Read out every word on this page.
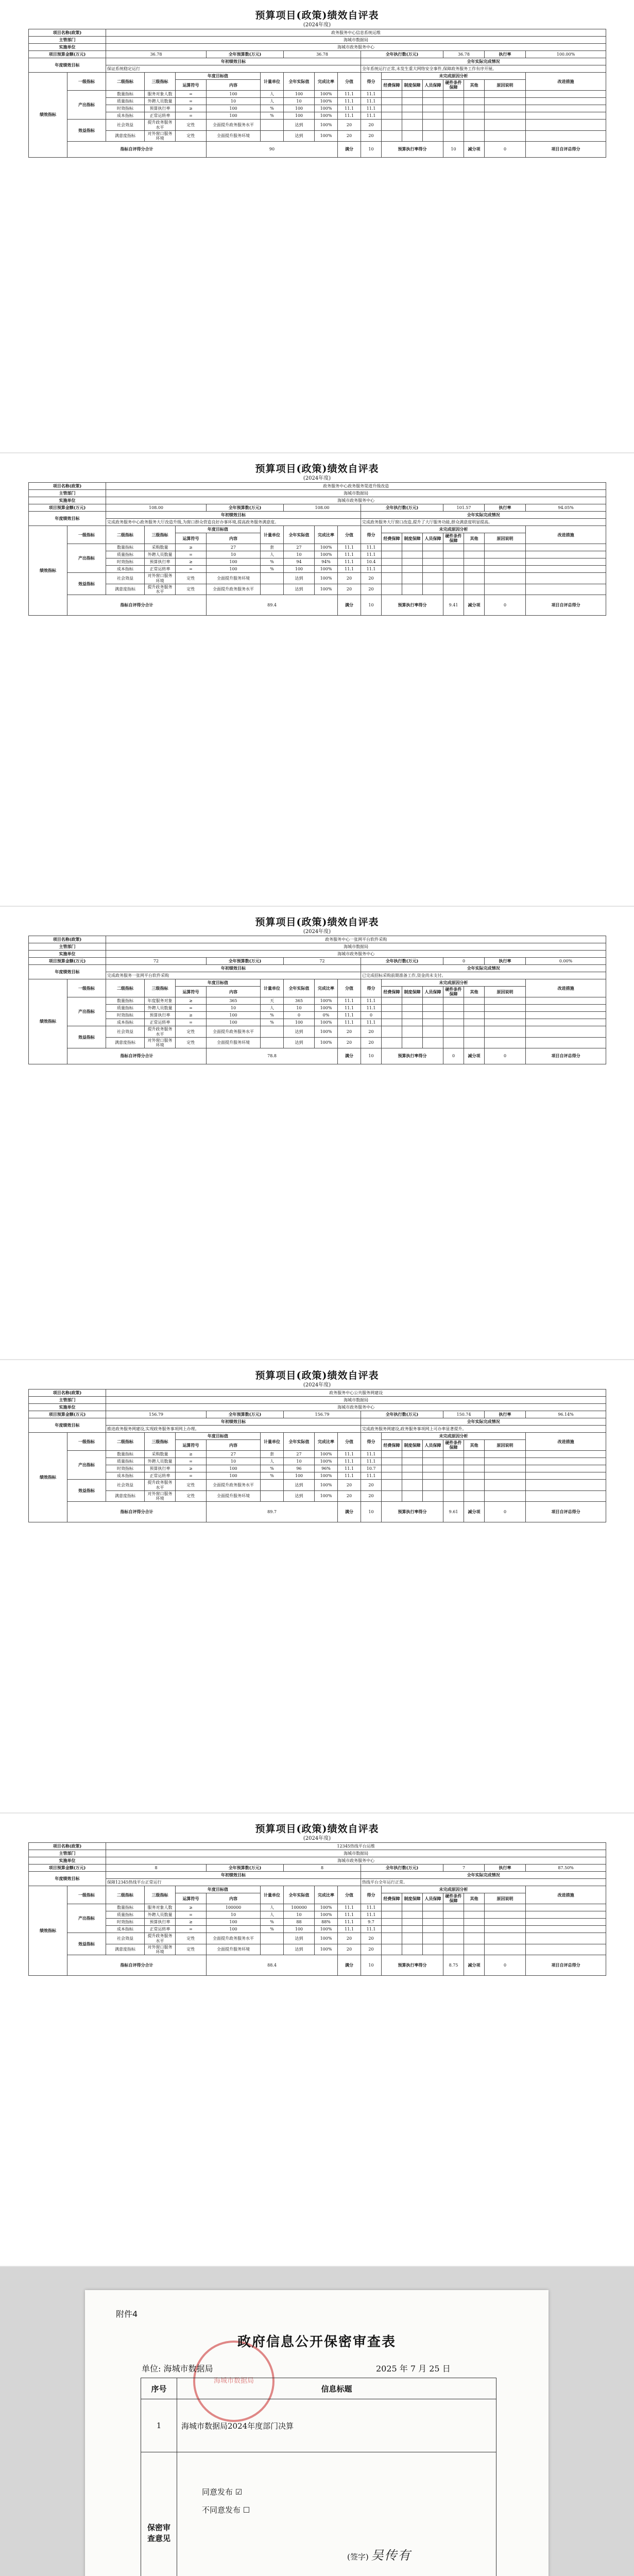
预算项目(政策)绩效自评表
(2024年度)
项目名称(政策)		政务服务中心信息系统运维																
主管部门		海城市数据局																
实施单位		海城市政务服务中心																
项目预算金额(万元)		36.78			全年预算数(万元)		36.78			全年执行数(万元)				36.78		执行率	100.00%	
年度绩效目标		年初绩效目标								全年实际完成情况								
		保证系统稳定运行								全年系统运行正常,未发生重大网络安全事件,保障政务服务工作有序开展。								
绩效指标	一级指标	二级指标	三级指标	年度目标值		计量单位	全年实际值	完成比率	分值	得分	未完成原因分析						改进措施	
				运算符号	内容						经费保障	制度保障	人员保障	硬件条件保障	其他	原因说明		
	产出指标	数量指标	服务对象人数	=	100	人	100	100%	11.1	11.1								
		质量指标	外聘人员数量	=	10	人	10	100%	11.1	11.1								
		时效指标	预算执行率	≥	100	%	100	100%	11.1	11.1								
		成本指标	正常运转率	=	100	%	100	100%	11.1	11.1								
	效益指标	社会效益	提升政务服务水平	定性	全面提升政务服务水平		达到	100%	20	20								
		满意度指标	对外窗口服务环境	定性	全面提升服务环境		达到	100%	20	20								
	指标自评得分合计				90				满分	10	预算执行率得分			10	减分项	0	项目自评总得分	
预算项目(政策)绩效自评表
(2024年度)
项目名称(政策)		政务服务中心政务服务渠道升级改造																
主管部门		海城市数据局																
实施单位		海城市政务服务中心																
项目预算金额(万元)		108.00			全年预算数(万元)		108.00			全年执行数(万元)				101.57		执行率	94.05%	
年度绩效目标		年初绩效目标								全年实际完成情况								
		完成政务服务中心政务服务大厅改造升级,为窗口群众营造良好办事环境,提高政务服务满意度。								完成政务服务大厅窗口改造,提升了大厅服务功能,群众满意度明显提高。								
绩效指标	一级指标	二级指标	三级指标	年度目标值		计量单位	全年实际值	完成比率	分值	得分	未完成原因分析						改进措施	
				运算符号	内容						经费保障	制度保障	人员保障	硬件条件保障	其他	原因说明		
	产出指标	数量指标	采购数量	≥	27	套	27	100%	11.1	11.1								
		质量指标	外聘人员数量	=	10	人	10	100%	11.1	11.1								
		时效指标	预算执行率	≥	100	%	94	94%	11.1	10.4								
		成本指标	正常运转率	=	100	%	100	100%	11.1	11.1								
	效益指标	社会效益	对外窗口服务环境	定性	全面提升服务环境		达到	100%	20	20								
		满意度指标	提升政务服务水平	定性	全面提升政务服务水平		达到	100%	20	20								
	指标自评得分合计				89.4				满分	10	预算执行率得分			9.41	减分项	0	项目自评总得分	
预算项目(政策)绩效自评表
(2024年度)
项目名称(政策)		政务服务中心一张网平台软件采购																
主管部门		海城市数据局																
实施单位		海城市政务服务中心																
项目预算金额(万元)		72			全年预算数(万元)		72			全年执行数(万元)				0		执行率	0.00%	
年度绩效目标		年初绩效目标								全年实际完成情况								
		完成政务服务一张网平台软件采购								已完成招标采购前期准备工作,资金尚未支付。								
绩效指标	一级指标	二级指标	三级指标	年度目标值		计量单位	全年实际值	完成比率	分值	得分	未完成原因分析						改进措施	
				运算符号	内容						经费保障	制度保障	人员保障	硬件条件保障	其他	原因说明		
	产出指标	数量指标	年度服务对象	≥	365	天	365	100%	11.1	11.1								
		质量指标	外聘人员数量	=	10	人	10	100%	11.1	11.1								
		时效指标	预算执行率	≥	100	%	0	0%	11.1	0								
		成本指标	正常运转率	=	100	%	100	100%	11.1	11.1								
	效益指标	社会效益	提升政务服务水平	定性	全面提升政务服务水平		达到	100%	20	20								
		满意度指标	对外窗口服务环境	定性	全面提升服务环境		达到	100%	20	20								
	指标自评得分合计				78.8				满分	10	预算执行率得分			0	减分项	0	项目自评总得分	
预算项目(政策)绩效自评表
(2024年度)
项目名称(政策)		政务服务中心公共服务网建设																
主管部门		海城市数据局																
实施单位		海城市政务服务中心																
项目预算金额(万元)		156.79			全年预算数(万元)		156.79			全年执行数(万元)				150.74		执行率	96.14%	
年度绩效目标		年初绩效目标								全年实际完成情况								
		推进政务服务网建设,实现政务服务事项网上办理。								完成政务服务网建设,政务服务事项网上可办率显著提升。								
绩效指标	一级指标	二级指标	三级指标	年度目标值		计量单位	全年实际值	完成比率	分值	得分	未完成原因分析						改进措施	
				运算符号	内容						经费保障	制度保障	人员保障	硬件条件保障	其他	原因说明		
	产出指标	数量指标	采购数量	≥	27	套	27	100%	11.1	11.1								
		质量指标	外聘人员数量	=	10	人	10	100%	11.1	11.1								
		时效指标	预算执行率	≥	100	%	96	96%	11.1	10.7								
		成本指标	正常运转率	=	100	%	100	100%	11.1	11.1								
	效益指标	社会效益	提升政务服务水平	定性	全面提升政务服务水平		达到	100%	20	20								
		满意度指标	对外窗口服务环境	定性	全面提升服务环境		达到	100%	20	20								
	指标自评得分合计				89.7				满分	10	预算执行率得分			9.61	减分项	0	项目自评总得分	
预算项目(政策)绩效自评表
(2024年度)
项目名称(政策)		12345热线平台运维																
主管部门		海城市数据局																
实施单位		海城市政务服务中心																
项目预算金额(万元)		8			全年预算数(万元)		8			全年执行数(万元)				7		执行率	87.50%	
年度绩效目标		年初绩效目标								全年实际完成情况								
		保障12345热线平台正常运行								热线平台全年运行正常。								
绩效指标	一级指标	二级指标	三级指标	年度目标值		计量单位	全年实际值	完成比率	分值	得分	未完成原因分析						改进措施	
				运算符号	内容						经费保障	制度保障	人员保障	硬件条件保障	其他	原因说明		
	产出指标	数量指标	服务对象人数	≥	100000	人	100000	100%	11.1	11.1								
		质量指标	外聘人员数量	=	10	人	10	100%	11.1	11.1								
		时效指标	预算执行率	≥	100	%	88	88%	11.1	9.7								
		成本指标	正常运转率	=	100	%	100	100%	11.1	11.1								
	效益指标	社会效益	提升政务服务水平	定性	全面提升政务服务水平		达到	100%	20	20								
		满意度指标	对外窗口服务环境	定性	全面提升服务环境		达到	100%	20	20								
	指标自评得分合计				88.4				满分	10	预算执行率得分			8.75	减分项	0	项目自评总得分	
附件4
海城市数据局
政府信息公开保密审查表
单位: 海城市数据局	2025 年 7 月 25 日
序号	信息标题
1	海城市数据局2024年度部门决算
保密审查意见	同意发布 ☑
不同意发布 ☐
(签字) 吴传有
